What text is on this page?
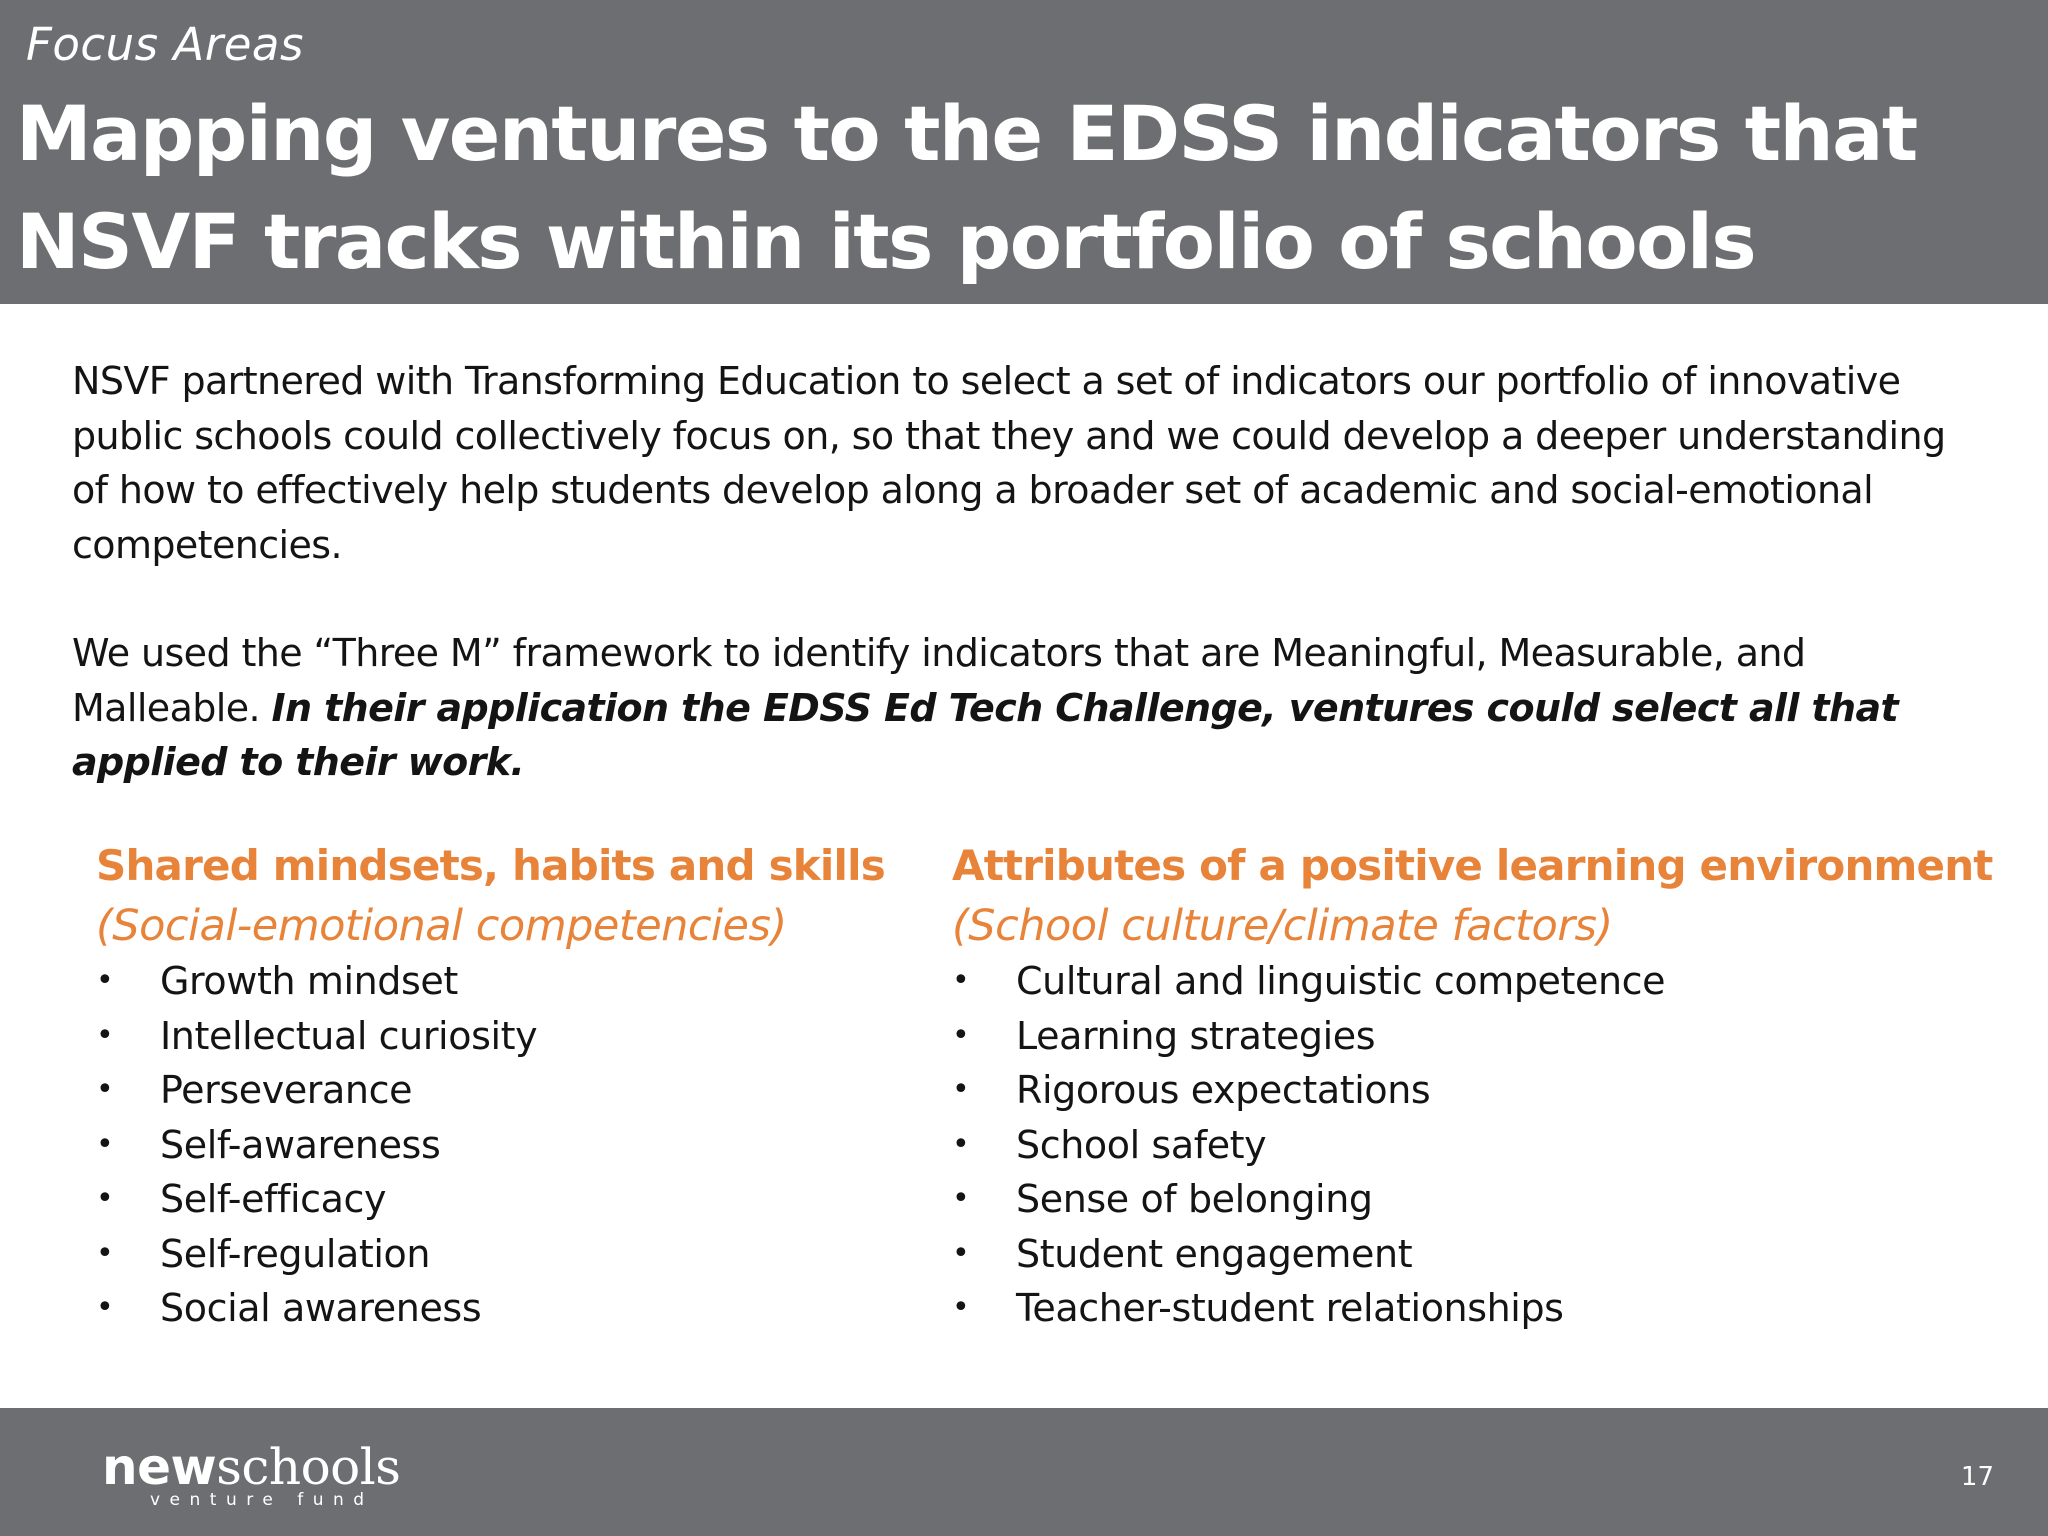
Focus Areas
Mapping ventures to the EDSS indicators that NSVF tracks within its portfolio of schools

NSVF partnered with Transforming Education to select a set of indicators our portfolio of innovative public schools could collectively focus on, so that they and we could develop a deeper understanding of how to effectively help students develop along a broader set of academic and social-emotional competencies.

We used the “Three M” framework to identify indicators that are Meaningful, Measurable, and Malleable. In their application the EDSS Ed Tech Challenge, ventures could select all that applied to their work.

Shared mindsets, habits and skills
(Social-emotional competencies)
• Growth mindset
• Intellectual curiosity
• Perseverance
• Self-awareness
• Self-efficacy
• Self-regulation
• Social awareness
Attributes of a positive learning environment
(School culture/climate factors)
• Cultural and linguistic competence
• Learning strategies
• Rigorous expectations
• School safety
• Sense of belonging
• Student engagement
• Teacher-student relationships
newschools
venture fund
17
